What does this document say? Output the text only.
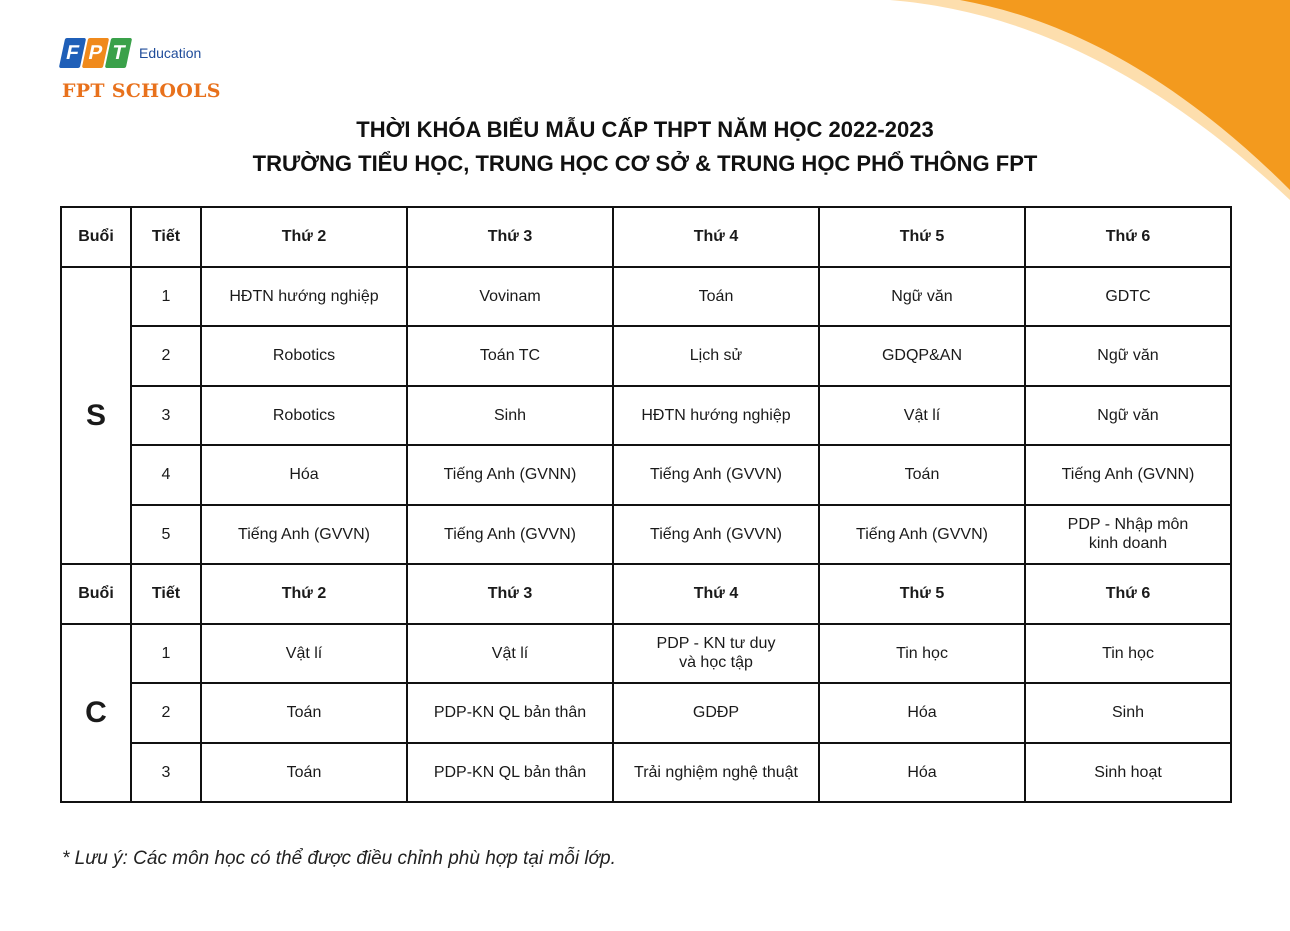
F P T Education
FPT SCHOOLS
THỜI KHÓA BIỂU MẪU CẤP THPT NĂM HỌC 2022-2023
TRƯỜNG TIỂU HỌC, TRUNG HỌC CƠ SỞ & TRUNG HỌC PHỔ THÔNG FPT
Buổi	Tiết	Thứ 2	Thứ 3	Thứ 4	Thứ 5	Thứ 6
S	1	HĐTN hướng nghiệp	Vovinam	Toán	Ngữ văn	GDTC
	2	Robotics	Toán TC	Lịch sử	GDQP&AN	Ngữ văn
	3	Robotics	Sinh	HĐTN hướng nghiệp	Vật lí	Ngữ văn
	4	Hóa	Tiếng Anh (GVNN)	Tiếng Anh (GVVN)	Toán	Tiếng Anh (GVNN)
	5	Tiếng Anh (GVVN)	Tiếng Anh (GVVN)	Tiếng Anh (GVVN)	Tiếng Anh (GVVN)	PDP - Nhập môn
kinh doanh
Buổi	Tiết	Thứ 2	Thứ 3	Thứ 4	Thứ 5	Thứ 6
C	1	Vật lí	Vật lí	PDP - KN tư duy
và học tập	Tin học	Tin học
	2	Toán	PDP-KN QL bản thân	GDĐP	Hóa	Sinh
	3	Toán	PDP-KN QL bản thân	Trải nghiệm nghệ thuật	Hóa	Sinh hoạt
* Lưu ý: Các môn học có thể được điều chỉnh phù hợp tại mỗi lớp.
